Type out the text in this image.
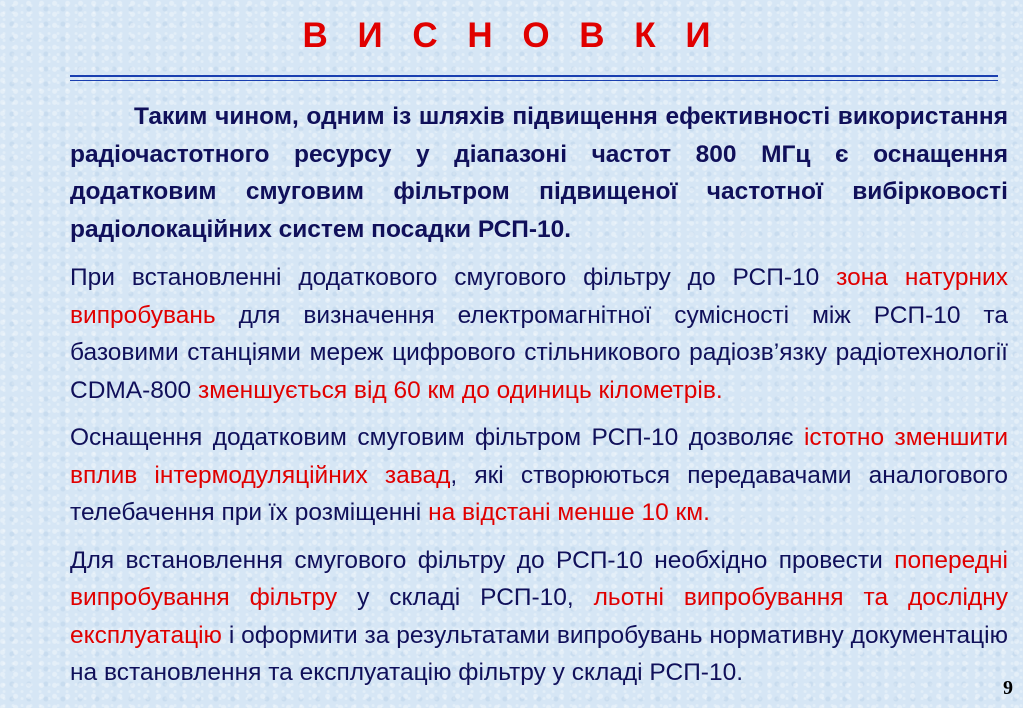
В И С Н О В К И

Таким чином, одним із шляхів підвищення ефективності використання радіочастотного ресурсу у діапазоні частот 800 МГц є оснащення додатковим смуговим фільтром підвищеної частотної вибірковості радіолокаційних систем посадки РСП-10.

При встановленні додаткового смугового фільтру до РСП-10 зона натурних випробувань для визначення електромагнітної сумісності між РСП-10 та базовими станціями мереж цифрового стільникового радіозв’язку радіотехнології CDMA-800 зменшується від 60 км до одиниць кілометрів.

Оснащення додатковим смуговим фільтром РСП-10 дозволяє істотно зменшити вплив інтермодуляційних завад, які створюються передавачами аналогового телебачення при їх розміщенні на відстані менше 10 км.

Для встановлення смугового фільтру до РСП-10 необхідно провести попередні випробування фільтру у складі РСП-10, льотні випробування та дослідну експлуатацію і оформити за результатами випробувань нормативну документацію на встановлення та експлуатацію фільтру у складі РСП-10.

9
